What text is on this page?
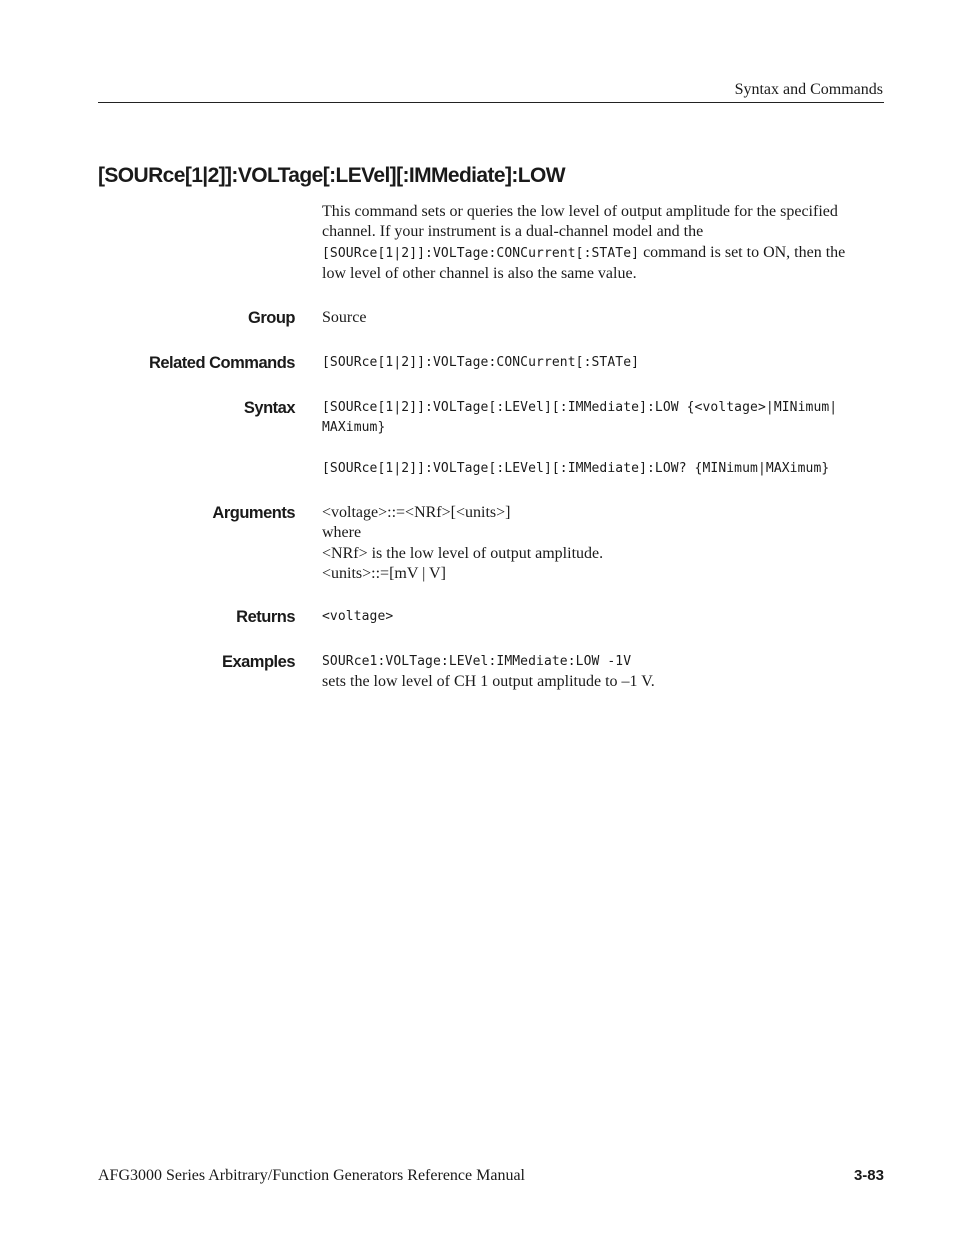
Syntax and Commands
[SOURce[1|2]]:VOLTage[:LEVel][:IMMediate]:LOW
This command sets or queries the low level of output amplitude for the specified
channel. If your instrument is a dual-channel model and the
[SOURce[1|2]]:VOLTage:CONCurrent[:STATe] command is set to ON, then the
low level of other channel is also the same value.
Group Source
Related Commands [SOURce[1|2]]:VOLTage:CONCurrent[:STATe]
Syntax [SOURce[1|2]]:VOLTage[:LEVel][:IMMediate]:LOW {<voltage>|MINimum|
MAXimum}
[SOURce[1|2]]:VOLTage[:LEVel][:IMMediate]:LOW? {MINimum|MAXimum}
Arguments <voltage>::=<NRf>[<units>]
where
<NRf> is the low level of output amplitude.
<units>::=[mV | V]
Returns <voltage>
Examples SOURce1:VOLTage:LEVel:IMMediate:LOW -1V
sets the low level of CH 1 output amplitude to –1 V.
AFG3000 Series Arbitrary/Function Generators Reference Manual	3-83
